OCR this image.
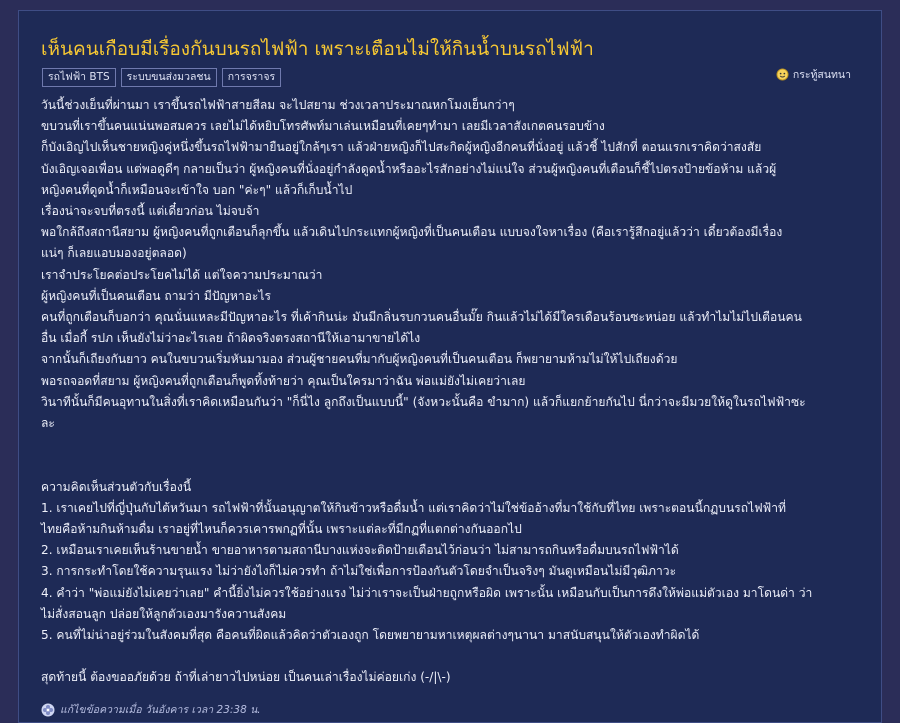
เห็นคนเกือบมีเรื่องกันบนรถไฟฟ้า เพราะเตือนไม่ให้กินน้ำบนรถไฟฟ้า
รถไฟฟ้า BTS	ระบบขนส่งมวลชน	การจราจร	กระทู้สนทนา

วันนี้ช่วงเย็นที่ผ่านมา เราขึ้นรถไฟฟ้าสายสีลม จะไปสยาม ช่วงเวลาประมาณหกโมงเย็นกว่าๆ

ขบวนที่เราขึ้นคนแน่นพอสมควร เลยไม่ได้หยิบโทรศัพท์มาเล่นเหมือนที่เคยๆทำมา เลยมีเวลาสังเกตคนรอบข้าง

ก็บังเอิญไปเห็นชายหญิงคู่หนึ่งขึ้นรถไฟฟ้ามายืนอยู่ใกล้ๆเรา แล้วฝ่ายหญิงก็ไปสะกิดผู้หญิงอีกคนที่นั่งอยู่ แล้วชี้ ไปสักที่ ตอนแรกเราคิดว่าสงสัย

บังเอิญเจอเพื่อน แต่พอดูดีๆ กลายเป็นว่า ผู้หญิงคนที่นั่งอยู่กำลังดูดน้ำหรืออะไรสักอย่างไม่แน่ใจ ส่วนผู้หญิงคนที่เตือนก็ชี้ไปตรงป้ายข้อห้าม แล้วผู้

หญิงคนที่ดูดน้ำก็เหมือนจะเข้าใจ บอก "ค่ะๆ" แล้วก็เก็บน้ำไป

เรื่องน่าจะจบที่ตรงนี้ แต่เดี๋ยวก่อน ไม่จบจ้า

พอใกล้ถึงสถานีสยาม ผู้หญิงคนที่ถูกเตือนก็ลุกขึ้น แล้วเดินไปกระแทกผู้หญิงที่เป็นคนเตือน แบบจงใจหาเรื่อง (คือเรารู้สึกอยู่แล้วว่า เดี๋ยวต้องมีเรื่อง

แน่ๆ ก็เลยแอบมองอยู่ตลอด)

เราจำประโยคต่อประโยคไม่ได้ แต่ใจความประมาณว่า

ผู้หญิงคนที่เป็นคนเตือน ถามว่า มีปัญหาอะไร

คนที่ถูกเตือนก็บอกว่า คุณนั่นแหละมีปัญหาอะไร ที่เค้ากินน่ะ มันมีกลิ่นรบกวนคนอื่นมั๊ย กินแล้วไม่ได้มีใครเดือนร้อนซะหน่อย แล้วทำไมไม่ไปเตือนคน

อื่น เมื่อกี้ รปภ เห็นยังไม่ว่าอะไรเลย ถ้าผิดจริงตรงสถานีให้เอามาขายได้ไง

จากนั้นก็เถียงกันยาว คนในขบวนเริ่มหันมามอง ส่วนผู้ชายคนที่มากับผู้หญิงคนที่เป็นคนเตือน ก็พยายามห้ามไม่ให้ไปเถียงด้วย

พอรถจอดที่สยาม ผู้หญิงคนที่ถูกเตือนก็พูดทิ้งท้ายว่า คุณเป็นใครมาว่าฉัน พ่อแม่ยังไม่เคยว่าเลย

วินาทีนั้นก็มีคนอุทานในสิ่งที่เราคิดเหมือนกันว่า "ก็นี่ไง ลูกถึงเป็นแบบนี้" (จังหวะนั้นคือ ขำมาก) แล้วก็แยกย้ายกันไป นี่กว่าจะมีมวยให้ดูในรถไฟฟ้าซะ

ละ

ความคิดเห็นส่วนตัวกับเรื่องนี้

1. เราเคยไปที่ญี่ปุ่นกับไต้หวันมา รถไฟฟ้าที่นั้นอนุญาตให้กินข้าวหรือดื่มน้ำ แต่เราคิดว่าไม่ใช่ข้ออ้างที่มาใช้กับที่ไทย เพราะตอนนี้กฏบนรถไฟฟ้าที่

ไทยคือห้ามกินห้ามดื่ม เราอยู่ที่ไหนก็ควรเคารพกฏที่นั้น เพราะแต่ละที่มีกฏที่แตกต่างกันออกไป

2. เหมือนเราเคยเห็นร้านขายน้ำ ขายอาหารตามสถานีบางแห่งจะติดป้ายเตือนไว้ก่อนว่า ไม่สามารถกินหรือดื่มบนรถไฟฟ้าได้

3. การกระทำโดยใช้ความรุนแรง ไม่ว่ายังไงก็ไม่ควรทำ ถ้าไม่ใช่เพื่อการป้องกันตัวโดยจำเป็นจริงๆ มันดูเหมือนไม่มีวุฒิภาวะ

4. คำว่า "พ่อแม่ยังไม่เคยว่าเลย" คำนี้ยิ่งไม่ควรใช้อย่างแรง ไม่ว่าเราจะเป็นฝ่ายถูกหรือผิด เพราะนั้น เหมือนกับเป็นการดึงให้พ่อแม่ตัวเอง มาโดนด่า ว่า

ไม่สั่งสอนลูก ปล่อยให้ลูกตัวเองมารังควานสังคม

5. คนที่ไม่น่าอยู่ร่วมในสังคมที่สุด คือคนที่ผิดแล้วคิดว่าตัวเองถูก โดยพยายามหาเหตุผลต่างๆนานา มาสนับสนุนให้ตัวเองทำผิดได้

สุดท้ายนี้ ต้องขออภัยด้วย ถ้าที่เล่ายาวไปหน่อย เป็นคนเล่าเรื่องไม่ค่อยเก่ง (-/|\-)

แก้ไขข้อความเมื่อ วันอังคาร เวลา 23:38 น.
